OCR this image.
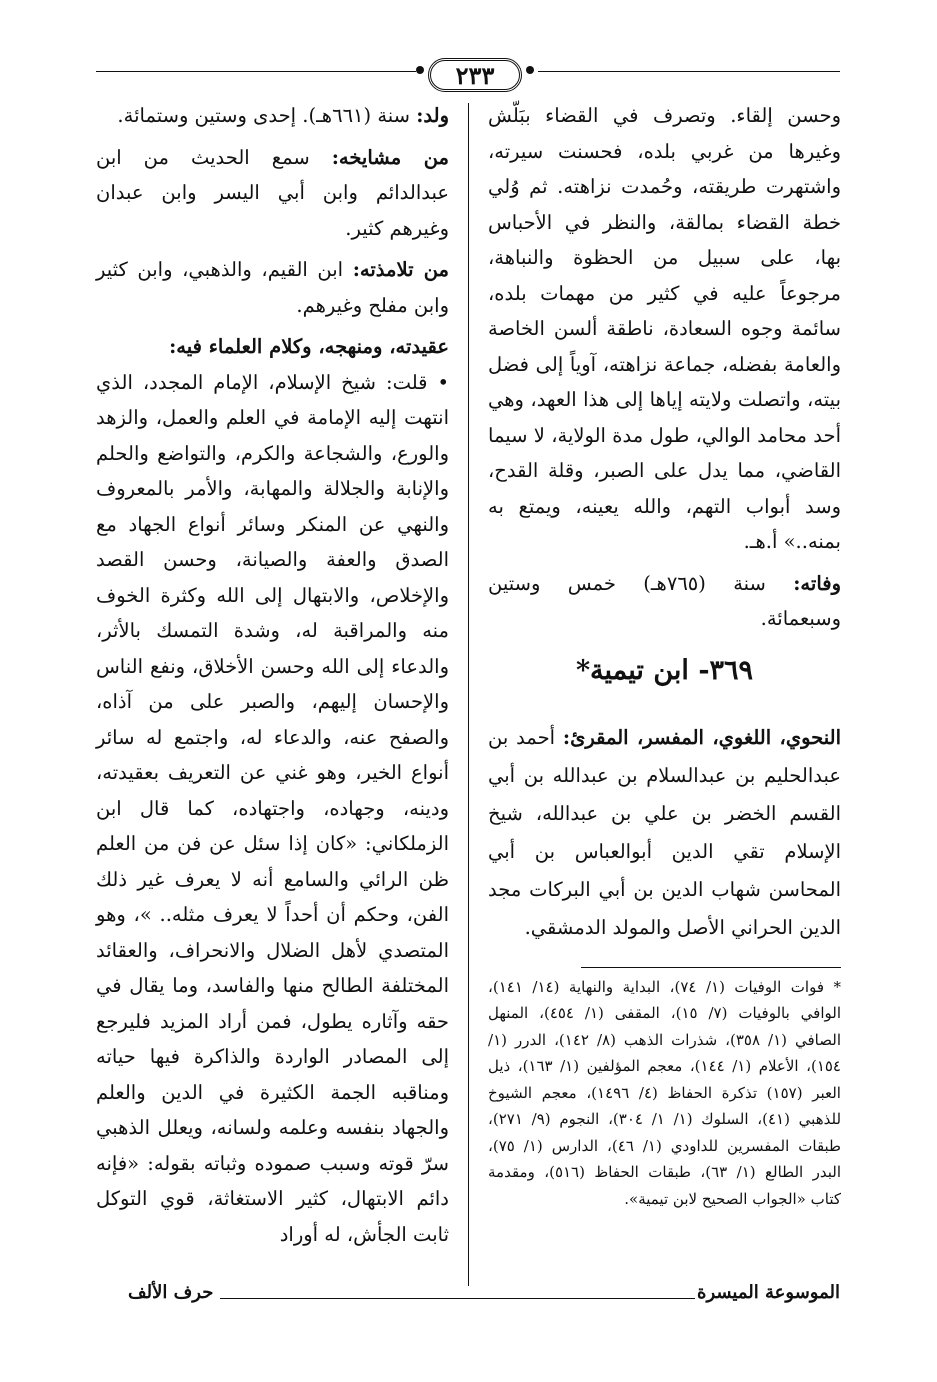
٢٣٣

وحسن إلقاء. وتصرف في القضاء ببَلّش وغيرها من غربي بلده، فحسنت سيرته، واشتهرت طريقته، وحُمدت نزاهته. ثم وُلي خطة القضاء بمالقة، والنظر في الأحباس بها، على سبيل من الحظوة والنباهة، مرجوعاً عليه في كثير من مهمات بلده، سائمة وجوه السعادة، ناطقة ألسن الخاصة والعامة بفضله، جماعة نزاهته، آوياً إلى فضل بيته، واتصلت ولايته إياها إلى هذا العهد، وهي أحد محامد الوالي، طول مدة الولاية، لا سيما القاضي، مما يدل على الصبر، وقلة القدح، وسد أبواب التهم، والله يعينه، ويمتع به بمنه..» أ.هـ.

وفاته: سنة (٧٦٥هـ) خمس وستين وسبعمائة.

٣٦٩- ابن تيمية*

النحوي، اللغوي، المفسر، المقرئ: أحمد بن عبدالحليم بن عبدالسلام بن عبدالله بن أبي القسم الخضر بن علي بن عبدالله، شيخ الإسلام تقي الدين أبوالعباس بن أبي المحاسن شهاب الدين بن أبي البركات مجد الدين الحراني الأصل والمولد الدمشقي.

* فوات الوفيات (١/ ٧٤)، البداية والنهاية (١٤/ ١٤١)، الوافي بالوفيات (٧/ ١٥)، المقفى (١/ ٤٥٤)، المنهل الصافي (١/ ٣٥٨)، شذرات الذهب (٨/ ١٤٢)، الدرر (١/ ١٥٤)، الأعلام (١/ ١٤٤)، معجم المؤلفين (١/ ١٦٣)، ذيل العبر (١٥٧) تذكرة الحفاظ (٤/ ١٤٩٦)، معجم الشيوخ للذهبي (٤١)، السلوك (١/ ١/ ٣٠٤)، النجوم (٩/ ٢٧١)، طبقات المفسرين للداودي (١/ ٤٦)، الدارس (١/ ٧٥)، البدر الطالع (١/ ٦٣)، طبقات الحفاظ (٥١٦)، ومقدمة كتاب «الجواب الصحيح لابن تيمية».

ولد: سنة (٦٦١هـ). إحدى وستين وستمائة.

من مشايخه: سمع الحديث من ابن عبدالدائم وابن أبي اليسر وابن عبدان وغيرهم كثير.

من تلامذته: ابن القيم، والذهبي، وابن كثير وابن مفلح وغيرهم.

عقيدته، ومنهجه، وكلام العلماء فيه:

• قلت: شيخ الإسلام، الإمام المجدد، الذي انتهت إليه الإمامة في العلم والعمل، والزهد والورع، والشجاعة والكرم، والتواضع والحلم والإنابة والجلالة والمهابة، والأمر بالمعروف والنهي عن المنكر وسائر أنواع الجهاد مع الصدق والعفة والصيانة، وحسن القصد والإخلاص، والابتهال إلى الله وكثرة الخوف منه والمراقبة له، وشدة التمسك بالأثر، والدعاء إلى الله وحسن الأخلاق، ونفع الناس والإحسان إليهم، والصبر على من آذاه، والصفح عنه، والدعاء له، واجتمع له سائر أنواع الخير، وهو غني عن التعريف بعقيدته، ودينه، وجهاده، واجتهاده، كما قال ابن الزملكاني: «كان إذا سئل عن فن من العلم ظن الرائي والسامع أنه لا يعرف غير ذلك الفن، وحكم أن أحداً لا يعرف مثله.. »، وهو المتصدي لأهل الضلال والانحراف، والعقائد المختلفة الطالح منها والفاسد، وما يقال في حقه وآثاره يطول، فمن أراد المزيد فليرجع إلى المصادر الواردة والذاكرة فيها حياته ومناقبه الجمة الكثيرة في الدين والعلم والجهاد بنفسه وعلمه ولسانه، ويعلل الذهبي سرّ قوته وسبب صموده وثباته بقوله: «فإنه دائم الابتهال، كثير الاستغاثة، قوي التوكل ثابت الجأش، له أوراد

الموسوعة الميسرة
حرف الألف
